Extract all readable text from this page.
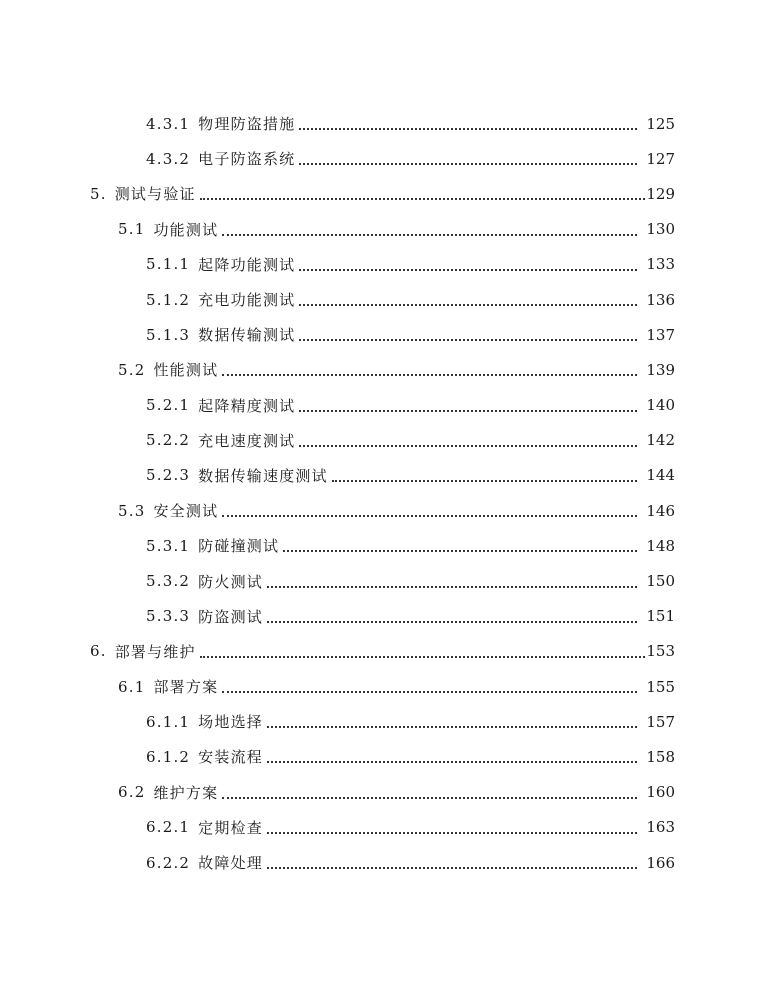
4.3.1 物理防盗措施	125
4.3.2 电子防盗系统	127
5. 测试与验证	129
5.1 功能测试	130
5.1.1 起降功能测试	133
5.1.2 充电功能测试	136
5.1.3 数据传输测试	137
5.2 性能测试	139
5.2.1 起降精度测试	140
5.2.2 充电速度测试	142
5.2.3 数据传输速度测试	144
5.3 安全测试	146
5.3.1 防碰撞测试	148
5.3.2 防火测试	150
5.3.3 防盗测试	151
6. 部署与维护	153
6.1 部署方案	155
6.1.1 场地选择	157
6.1.2 安装流程	158
6.2 维护方案	160
6.2.1 定期检查	163
6.2.2 故障处理	166
